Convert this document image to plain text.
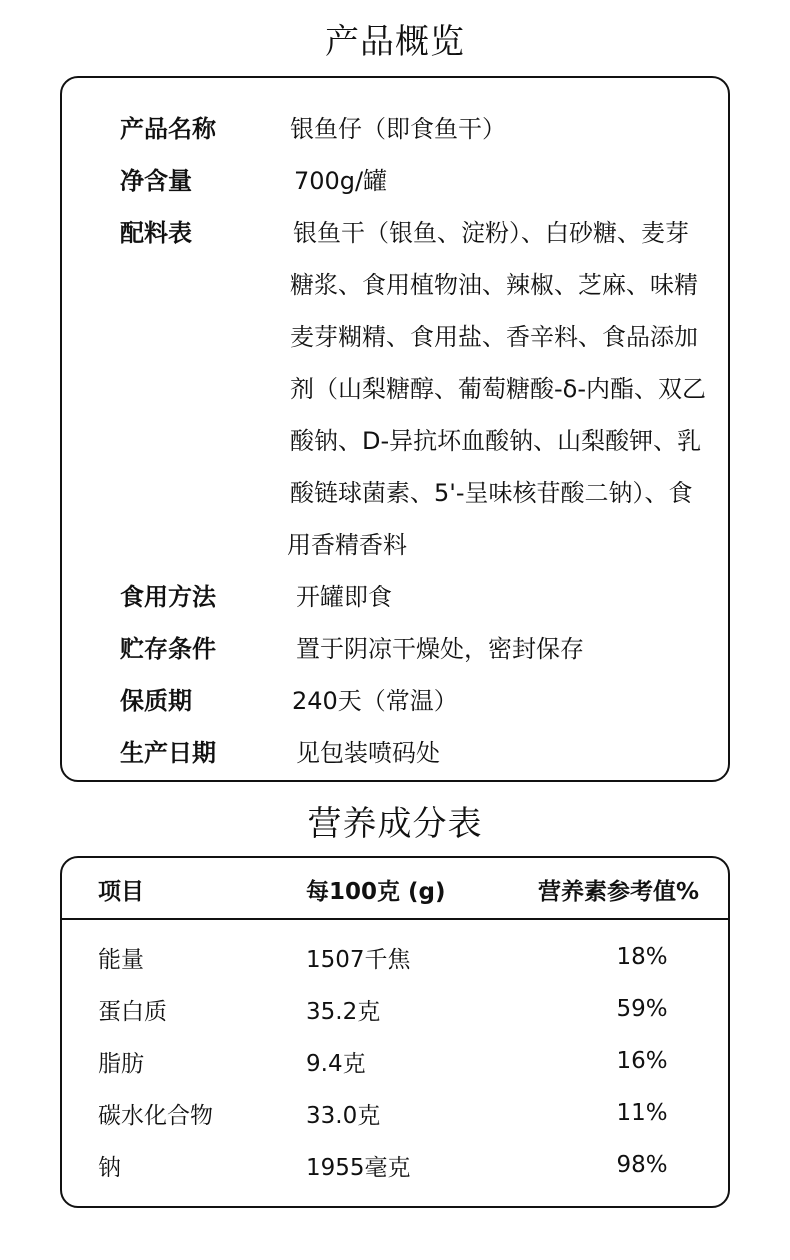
产品概览
产品名称	银鱼仔（即食鱼干）
净含量	700g/罐
配料表	银鱼干（银鱼、淀粉）、白砂糖、麦芽
糖浆、食用植物油、辣椒、芝麻、味精
麦芽糊精、食用盐、香辛料、食品添加
剂（山梨糖醇、葡萄糖酸-δ-内酯、双乙
酸钠、D-异抗坏血酸钠、山梨酸钾、乳
酸链球菌素、5'-呈味核苷酸二钠）、食
用香精香料
食用方法	开罐即食
贮存条件	置于阴凉干燥处，密封保存
保质期	240天（常温）
生产日期	见包装喷码处
营养成分表
项目	每100克 (g)	营养素参考值%
能量	1507千焦	18%
蛋白质	35.2克	59%
脂肪	9.4克	16%
碳水化合物	33.0克	11%
钠	1955毫克	98%
